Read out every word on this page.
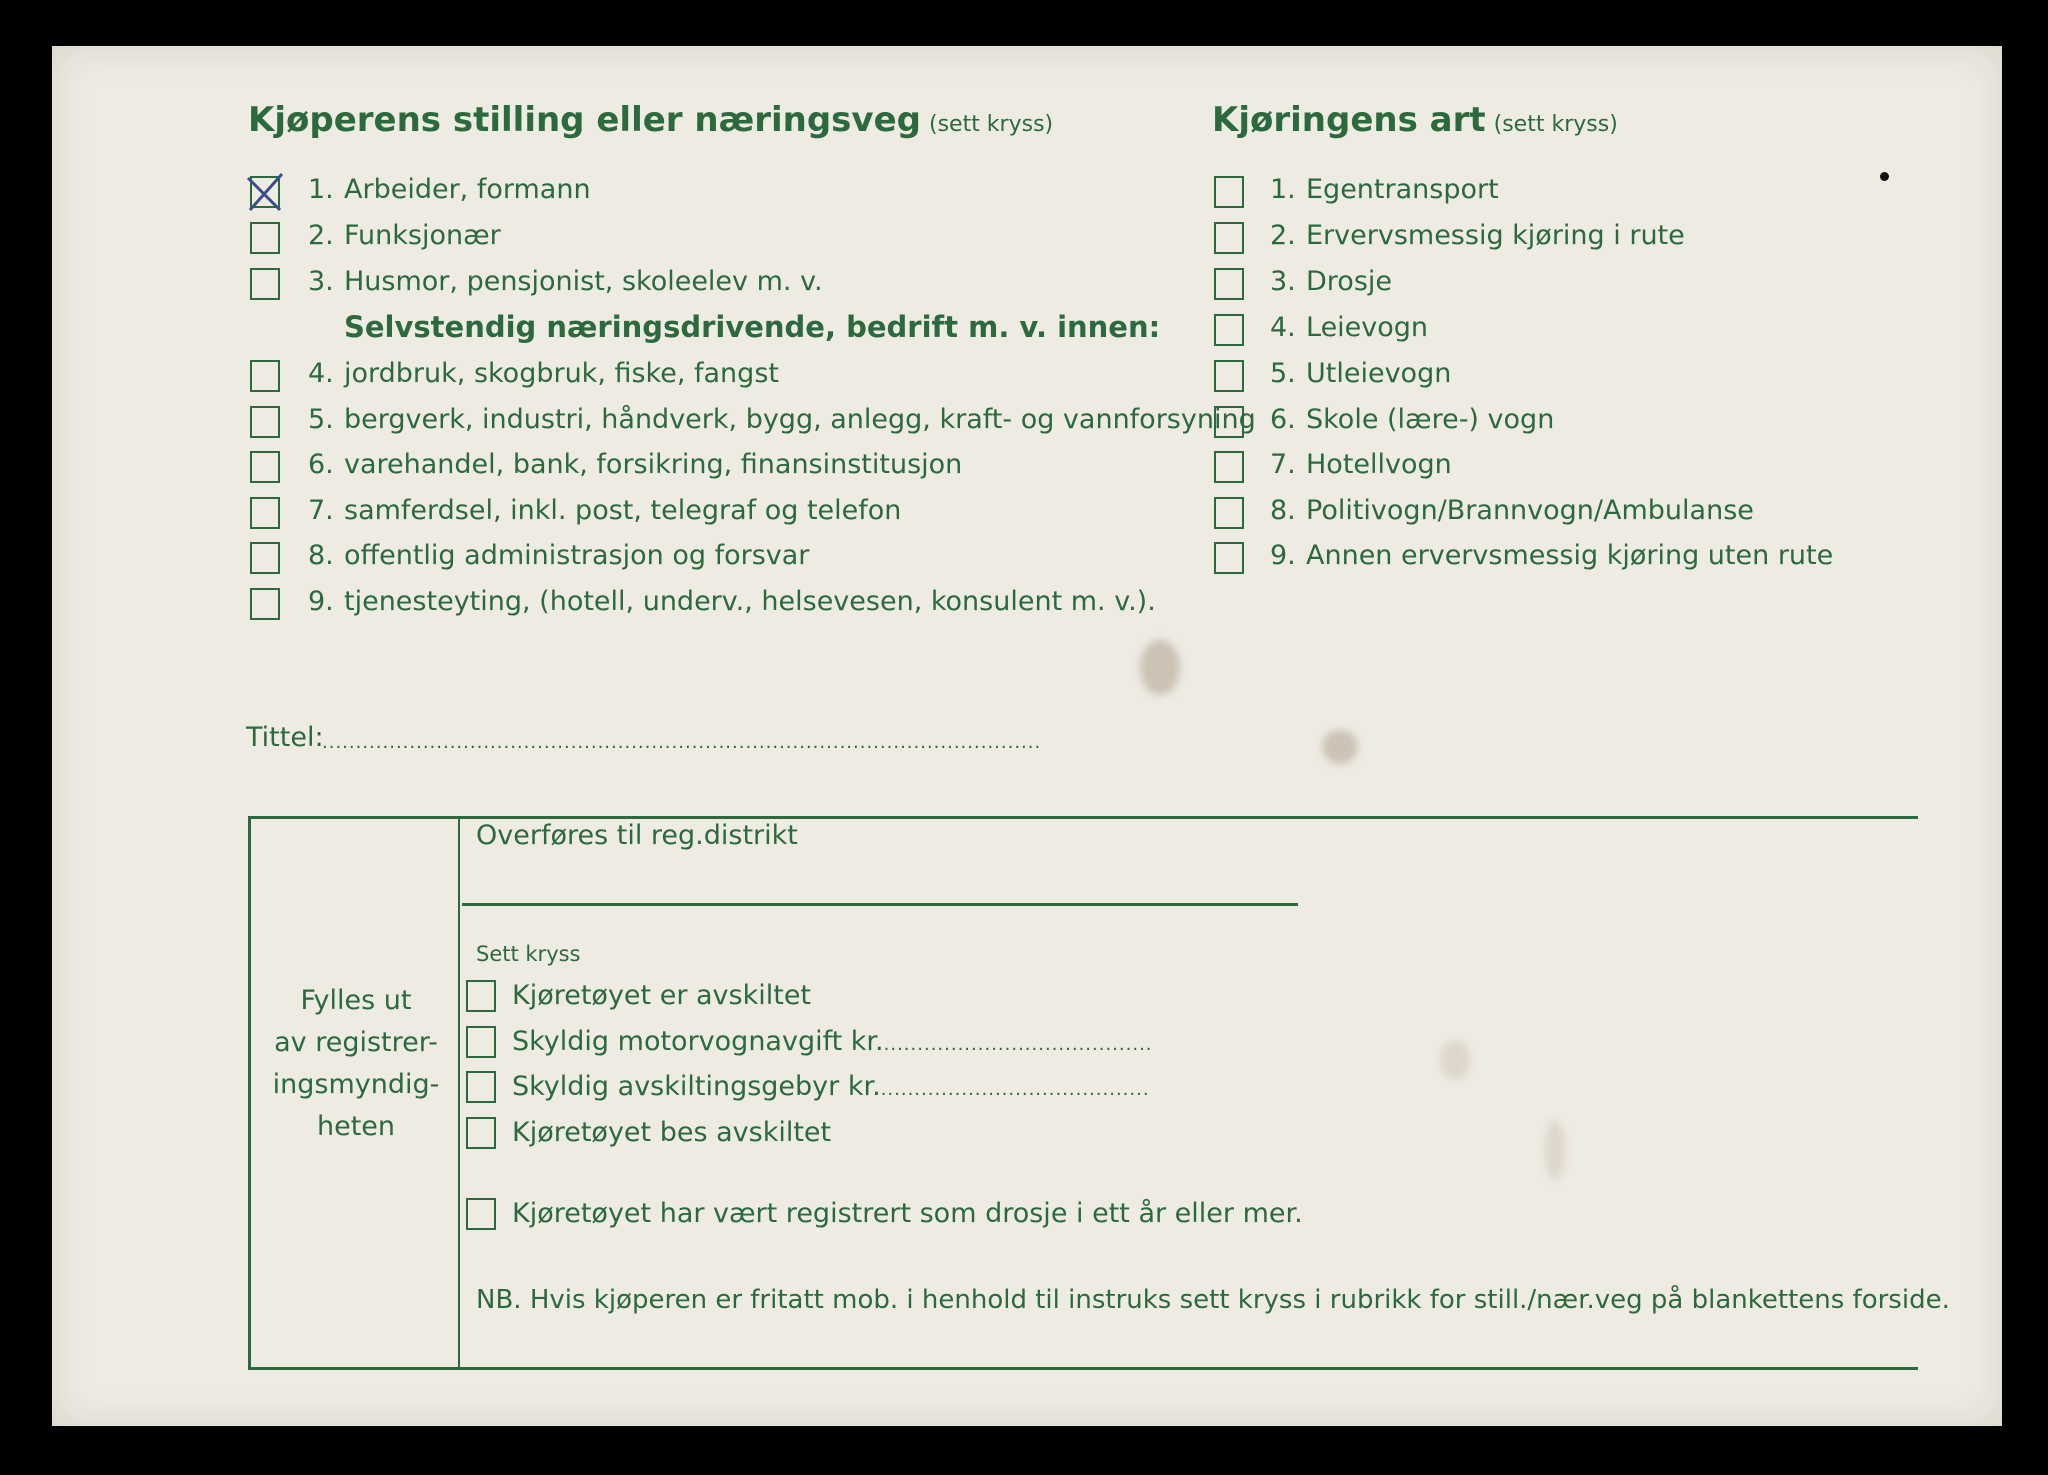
Kjøperens stilling eller næringsveg (sett kryss)
1. Arbeider, formann
2. Funksjonær
3. Husmor, pensjonist, skoleelev m. v.
Selvstendig næringsdrivende, bedrift m. v. innen:
4. jordbruk, skogbruk, fiske, fangst
5. bergverk, industri, håndverk, bygg, anlegg, kraft- og vannforsyning
6. varehandel, bank, forsikring, finansinstitusjon
7. samferdsel, inkl. post, telegraf og telefon
8. offentlig administrasjon og forsvar
9. tjenesteyting, (hotell, underv., helsevesen, konsulent m. v.).
Kjøringens art (sett kryss)
1. Egentransport
2. Ervervsmessig kjøring i rute
3. Drosje
4. Leievogn
5. Utleievogn
6. Skole (lære-) vogn
7. Hotellvogn
8. Politivogn/Brannvogn/Ambulanse
9. Annen ervervsmessig kjøring uten rute
Tittel:
...........................................................................................................
Fylles ut
av registrer-
ingsmyndig-
heten
Overføres til reg.distrikt
Sett kryss
Kjøretøyet er avskiltet
Skyldig motorvognavgift kr.........................................
Skyldig avskiltingsgebyr kr.........................................
Kjøretøyet bes avskiltet
Kjøretøyet har vært registrert som drosje i ett år eller mer.
NB. Hvis kjøperen er fritatt mob. i henhold til instruks sett kryss i rubrikk for still./nær.veg på blankettens forside.
